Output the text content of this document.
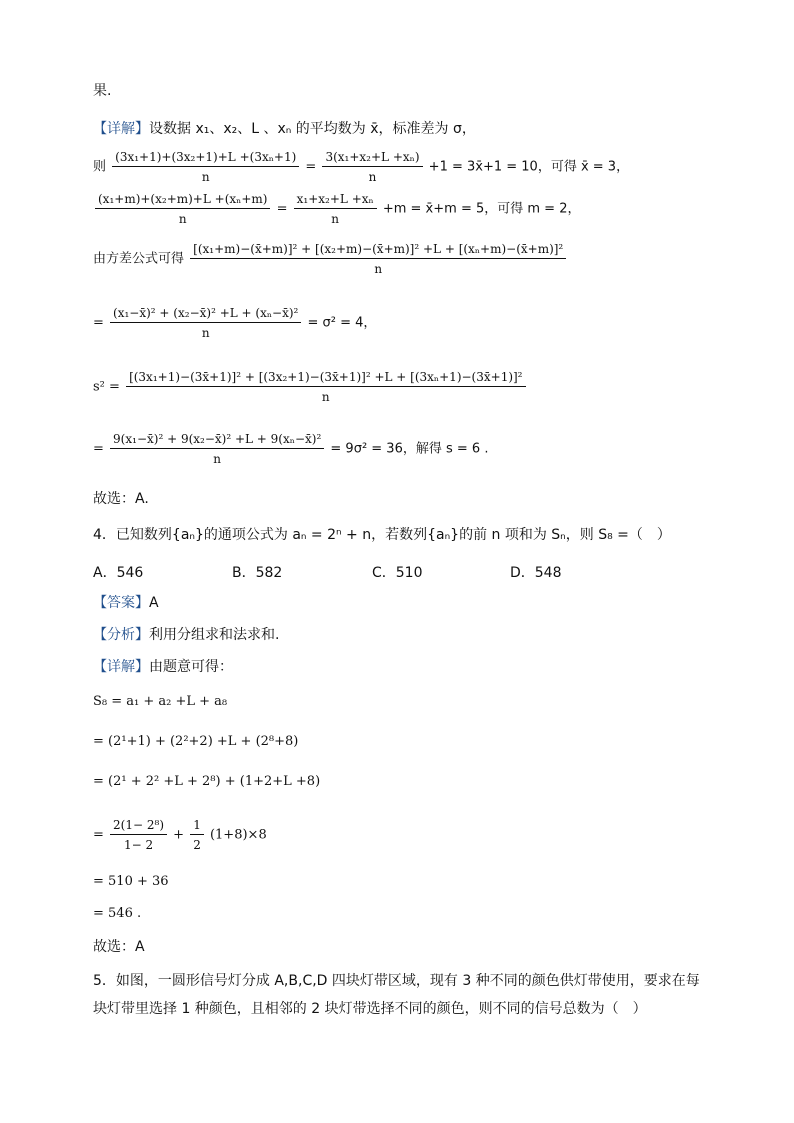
果.
【详解】设数据 x₁、x₂、L 、xₙ 的平均数为 x̄，标准差为 σ，
则 $\frac{\text{(3x₁+1)+(3x₂+1)+L +(3xₙ+1)}}{n} = \frac{\text{3(x₁+x₂+L +xₙ)}}{n} +1$ = 3x̄+1 = 10，可得 x̄ = 3，
$\frac{\text{(x₁+m)+(x₂+m)+L +(xₙ+m)}}{n} = \frac{\text{x₁+x₂+L +xₙ}}{n} +m$ = x̄+m = 5，可得 m = 2，
由方差公式可得 $\frac{\text{[(x₁+m)−(x̄+m)]² + [(x₂+m)−(x̄+m)]² +L + [(xₙ+m)−(x̄+m)]²}}{n}$
= $\frac{\text{(x₁−x̄)² + (x₂−x̄)² +L + (xₙ−x̄)²}}{n} = \sigma^2 = 4$，
s² =
[(3x₁+1)−(3x̄+1)]² + [(3x₂+1)−(3x̄+1)]² +L + [(3xₙ+1)−(3x̄+1)]²
n
= $\frac{\text{9(x₁−x̄)² + 9(x₂−x̄)² +L + 9(xₙ−x̄)²}}{n} = 9\sigma^2 = 36$，解得 s = 6 .
故选：A.
4．已知数列{aₙ}的通项公式为 aₙ = 2ⁿ + n，若数列{aₙ}的前 n 项和为 Sₙ，则 S₈ =（　）
A．546	B．582	C．510	D．548
【答案】A
【分析】利用分组求和法求和.
【详解】由题意可得：
S₈ = a₁ + a₂ +L + a₈
= (2¹+1) + (2²+2) +L + (2⁸+8)
= (2¹ + 2² +L + 2⁸) + (1+2+L +8)
= $\frac{\text{2(1− 2⁸)}}{1- 2} + \frac{1}{2} (1+8)\times 8$
= 510 + 36
= 546 .
故选：A
5．如图，一圆形信号灯分成 A,B,C,D 四块灯带区域，现有 3 种不同的颜色供灯带使用，要求在每
块灯带里选择 1 种颜色，且相邻的 2 块灯带选择不同的颜色，则不同的信号总数为（　）
